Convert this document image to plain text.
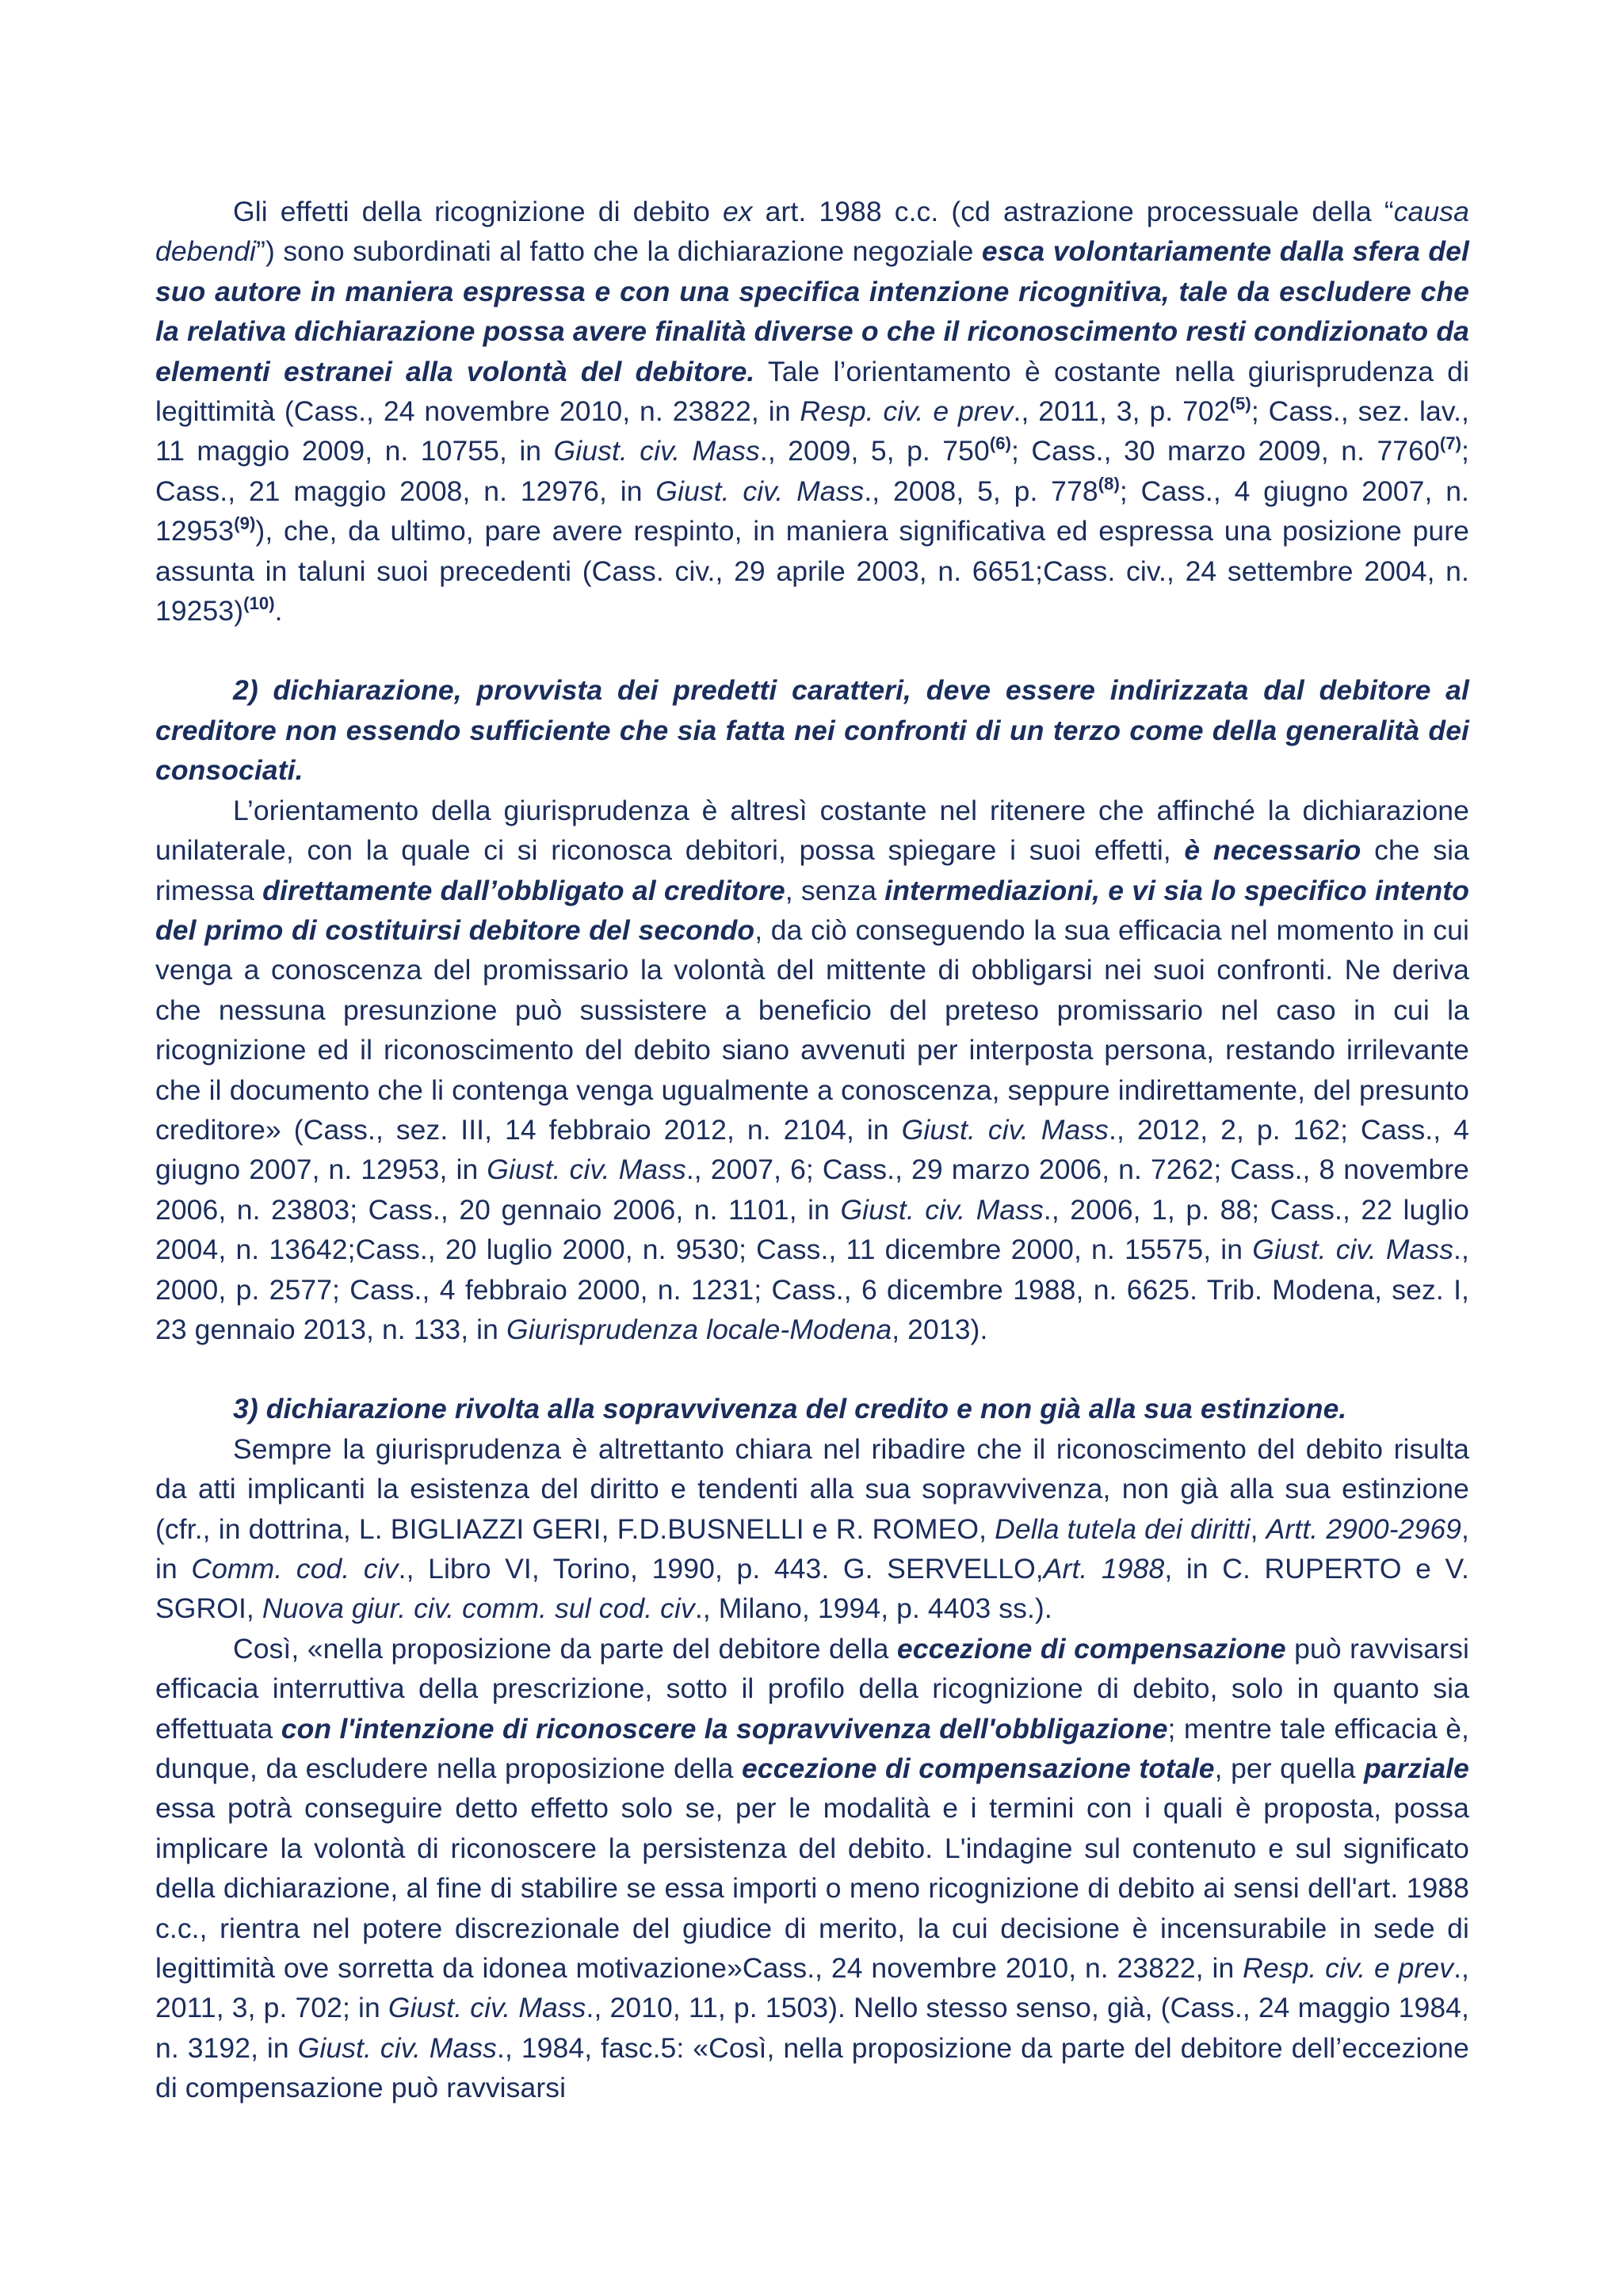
Gli effetti della ricognizione di debito ex art. 1988 c.c. (cd astrazione processuale della “causa debendi”) sono subordinati al fatto che la dichiarazione negoziale esca volontariamente dalla sfera del suo autore in maniera espressa e con una specifica intenzione ricognitiva, tale da escludere che la relativa dichiarazione possa avere finalità diverse o che il riconoscimento resti condizionato da elementi estranei alla volontà del debitore. Tale l’orientamento è costante nella giurisprudenza di legittimità (Cass., 24 novembre 2010, n. 23822, in Resp. civ. e prev., 2011, 3, p. 702$^{(5)}$; Cass., sez. lav., 11 maggio 2009, n. 10755, in Giust. civ. Mass., 2009, 5, p. 750$^{(6)}$; Cass., 30 marzo 2009, n. 7760$^{(7)}$; Cass., 21 maggio 2008, n. 12976, in Giust. civ. Mass., 2008, 5, p. 778$^{(8)}$; Cass., 4 giugno 2007, n. 12953$^{(9)}$), che, da ultimo, pare avere respinto, in maniera significativa ed espressa una posizione pure assunta in taluni suoi precedenti (Cass. civ., 29 aprile 2003, n. 6651;Cass. civ., 24 settembre 2004, n. 19253)$^{(10)}$.

2) dichiarazione, provvista dei predetti caratteri, deve essere indirizzata dal debitore al creditore non essendo sufficiente che sia fatta nei confronti di un terzo come della generalità dei consociati.

L’orientamento della giurisprudenza è altresì costante nel ritenere che affinché la dichiarazione unilaterale, con la quale ci si riconosca debitori, possa spiegare i suoi effetti, è necessario che sia rimessa direttamente dall’obbligato al creditore, senza intermediazioni, e vi sia lo specifico intento del primo di costituirsi debitore del secondo, da ciò conseguendo la sua efficacia nel momento in cui venga a conoscenza del promissario la volontà del mittente di obbligarsi nei suoi confronti. Ne deriva che nessuna presunzione può sussistere a beneficio del preteso promissario nel caso in cui la ricognizione ed il riconoscimento del debito siano avvenuti per interposta persona, restando irrilevante che il documento che li contenga venga ugualmente a conoscenza, seppure indirettamente, del presunto creditore» (Cass., sez. III, 14 febbraio 2012, n. 2104, in Giust. civ. Mass., 2012, 2, p. 162; Cass., 4 giugno 2007, n. 12953, in Giust. civ. Mass., 2007, 6; Cass., 29 marzo 2006, n. 7262; Cass., 8 novembre 2006, n. 23803; Cass., 20 gennaio 2006, n. 1101, in Giust. civ. Mass., 2006, 1, p. 88; Cass., 22 luglio 2004, n. 13642;Cass., 20 luglio 2000, n. 9530; Cass., 11 dicembre 2000, n. 15575, in Giust. civ. Mass., 2000, p. 2577; Cass., 4 febbraio 2000, n. 1231; Cass., 6 dicembre 1988, n. 6625. Trib. Modena, sez. I, 23 gennaio 2013, n. 133, in Giurisprudenza locale-Modena, 2013).

3) dichiarazione rivolta alla sopravvivenza del credito e non già alla sua estinzione.

Sempre la giurisprudenza è altrettanto chiara nel ribadire che il riconoscimento del debito risulta da atti implicanti la esistenza del diritto e tendenti alla sua sopravvivenza, non già alla sua estinzione (cfr., in dottrina, L. BIGLIAZZI GERI, F.D.BUSNELLI e R. ROMEO, Della tutela dei diritti, Artt. 2900-2969, in Comm. cod. civ., Libro VI, Torino, 1990, p. 443. G. SERVELLO,Art. 1988, in C. RUPERTO e V. SGROI, Nuova giur. civ. comm. sul cod. civ., Milano, 1994, p. 4403 ss.).

Così, «nella proposizione da parte del debitore della eccezione di compensazione può ravvisarsi efficacia interruttiva della prescrizione, sotto il profilo della ricognizione di debito, solo in quanto sia effettuata con l'intenzione di riconoscere la sopravvivenza dell'obbligazione; mentre tale efficacia è, dunque, da escludere nella proposizione della eccezione di compensazione totale, per quella parziale essa potrà conseguire detto effetto solo se, per le modalità e i termini con i quali è proposta, possa implicare la volontà di riconoscere la persistenza del debito. L'indagine sul contenuto e sul significato della dichiarazione, al fine di stabilire se essa importi o meno ricognizione di debito ai sensi dell'art. 1988 c.c., rientra nel potere discrezionale del giudice di merito, la cui decisione è incensurabile in sede di legittimità ove sorretta da idonea motivazione»Cass., 24 novembre 2010, n. 23822, in Resp. civ. e prev., 2011, 3, p. 702; in Giust. civ. Mass., 2010, 11, p. 1503). Nello stesso senso, già, (Cass., 24 maggio 1984, n. 3192, in Giust. civ. Mass., 1984, fasc.5: «Così, nella proposizione da parte del debitore dell’eccezione di compensazione può ravvisarsi
